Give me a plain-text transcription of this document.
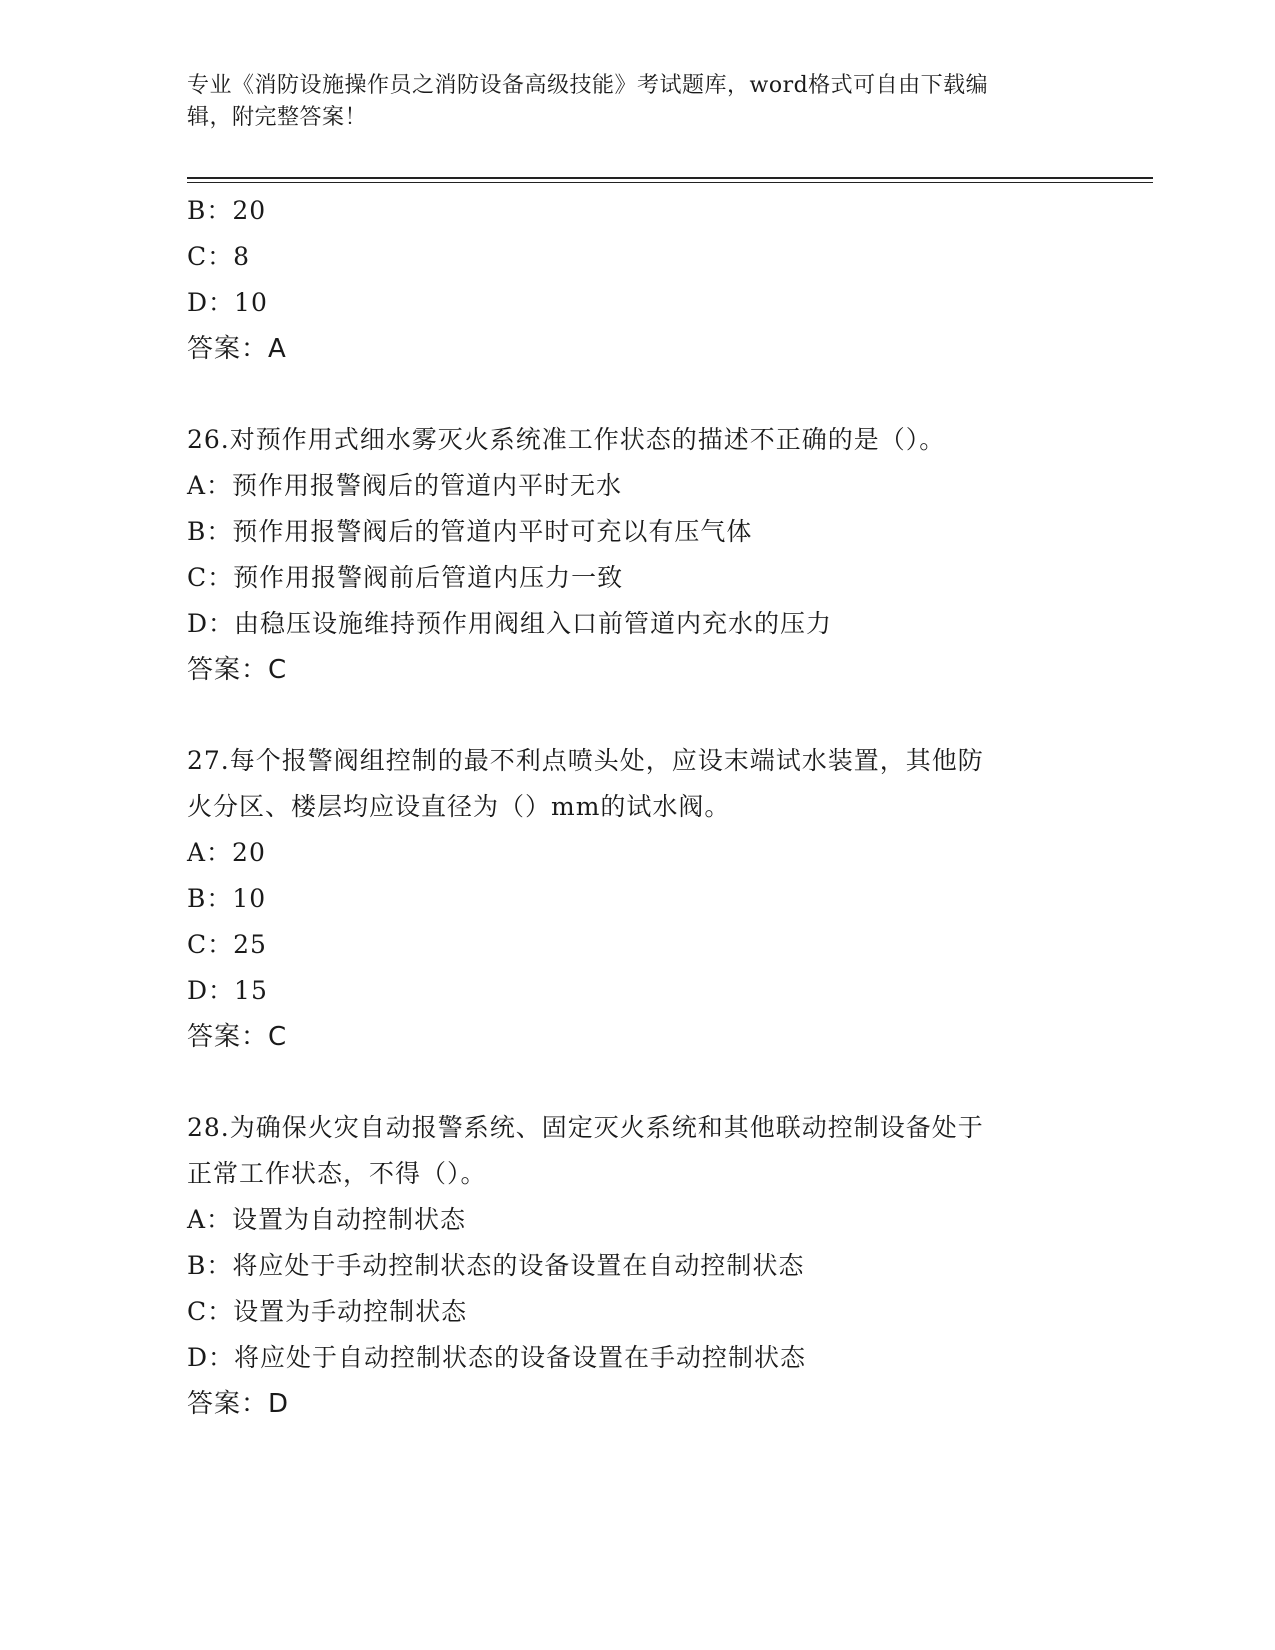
专业《消防设施操作员之消防设备高级技能》考试题库，word格式可自由下载编
辑，附完整答案！
B：20
C：8
D：10
答案：A
26.对预作用式细水雾灭火系统准工作状态的描述不正确的是（）。
A：预作用报警阀后的管道内平时无水
B：预作用报警阀后的管道内平时可充以有压气体
C：预作用报警阀前后管道内压力一致
D：由稳压设施维持预作用阀组入口前管道内充水的压力
答案：C
27.每个报警阀组控制的最不利点喷头处，应设末端试水装置，其他防
火分区、楼层均应设直径为（）mm的试水阀。
A：20
B：10
C：25
D：15
答案：C
28.为确保火灾自动报警系统、固定灭火系统和其他联动控制设备处于
正常工作状态，不得（）。
A：设置为自动控制状态
B：将应处于手动控制状态的设备设置在自动控制状态
C：设置为手动控制状态
D：将应处于自动控制状态的设备设置在手动控制状态
答案：D
